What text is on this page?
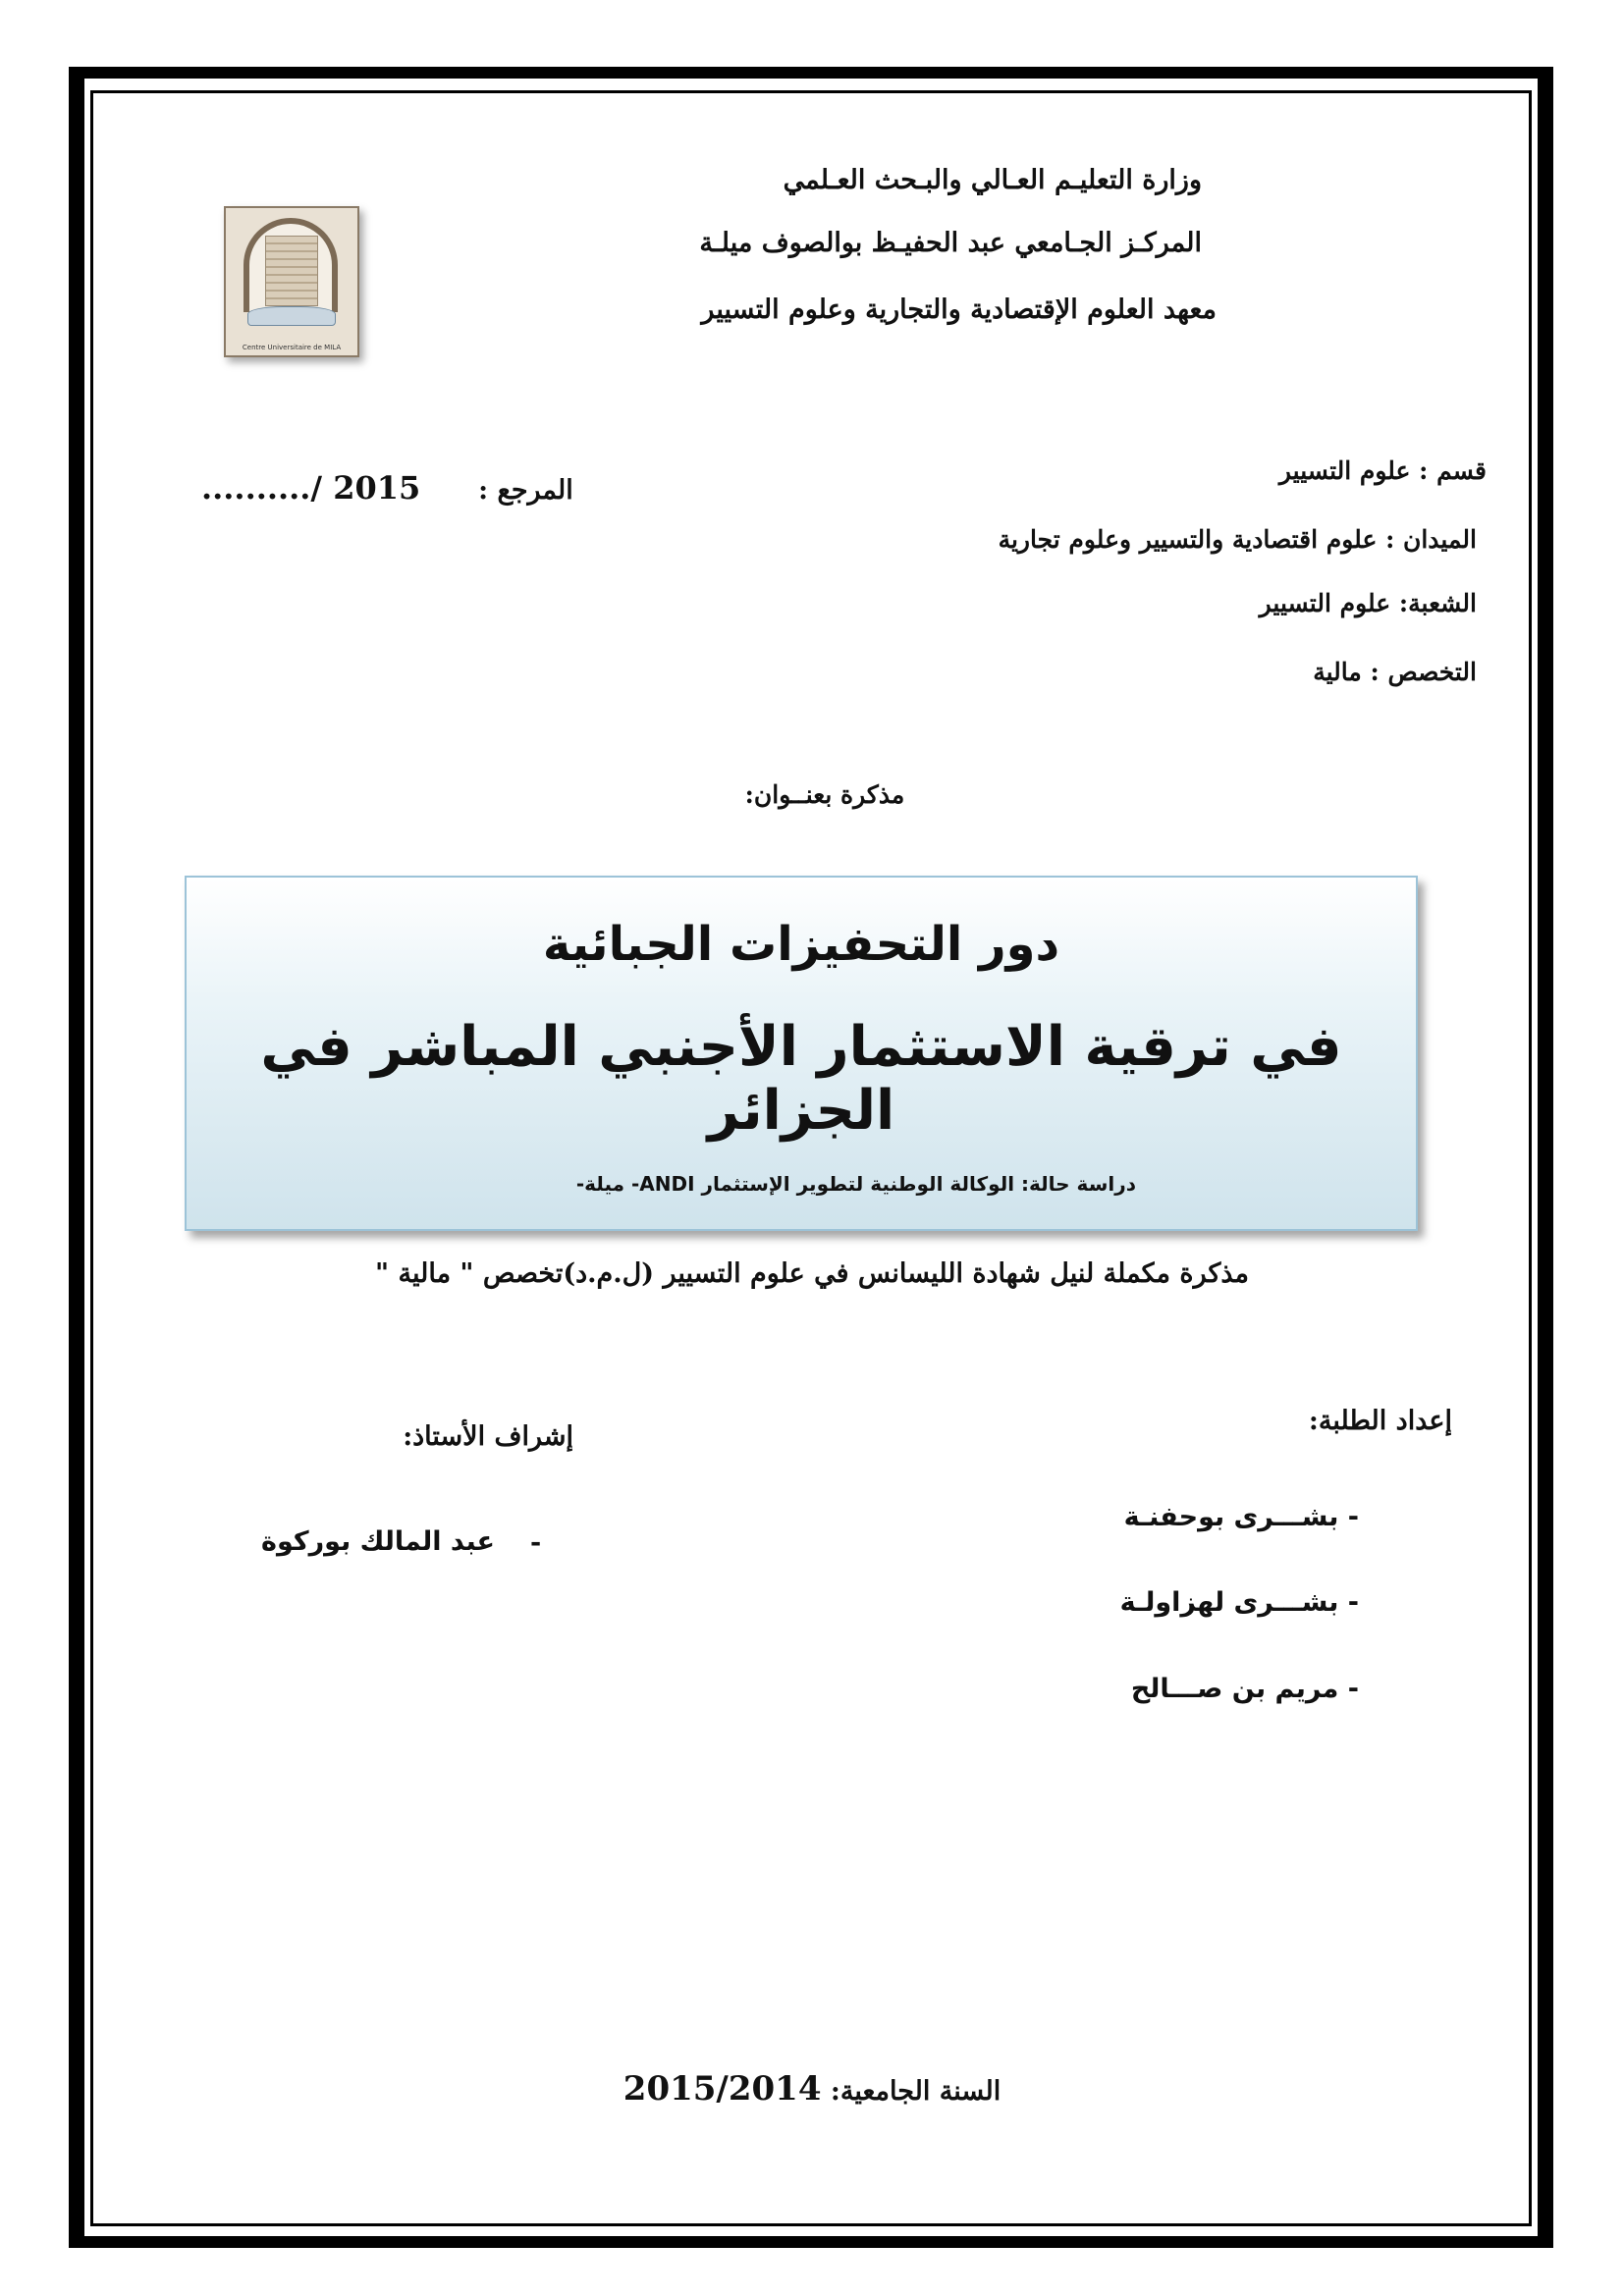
وزارة التعليـم العـالي والبـحث العـلمي
المركـز الجـامعي عبد الحفيـظ بوالصوف ميلـة
معهد العلوم الإقتصادية والتجارية وعلوم التسيير
Centre Universitaire de MILA
قسم : علوم التسيير
الميدان : علوم اقتصادية والتسيير وعلوم تجارية
الشعبة: علوم التسيير
التخصص : مالية
........../ 2015 المرجع :
مذكرة بعنــوان:
دور التحفيزات الجبائية
في ترقية الاستثمار الأجنبي المباشر في الجزائر
دراسة حالة: الوكالة الوطنية لتطوير الإستثمار ANDI- ميلة-
مذكرة مكملة لنيل شهادة الليسانس في علوم التسيير (ل.م.د)تخصص " مالية "
إعداد الطلبة:
- بشـــرى بوحفنـة
- بشـــرى لهزاولـة
- مريم بن صـــالح
إشراف الأستاذ:
-
عبد المالك بوركوة
2015/2014 السنة الجامعية:
